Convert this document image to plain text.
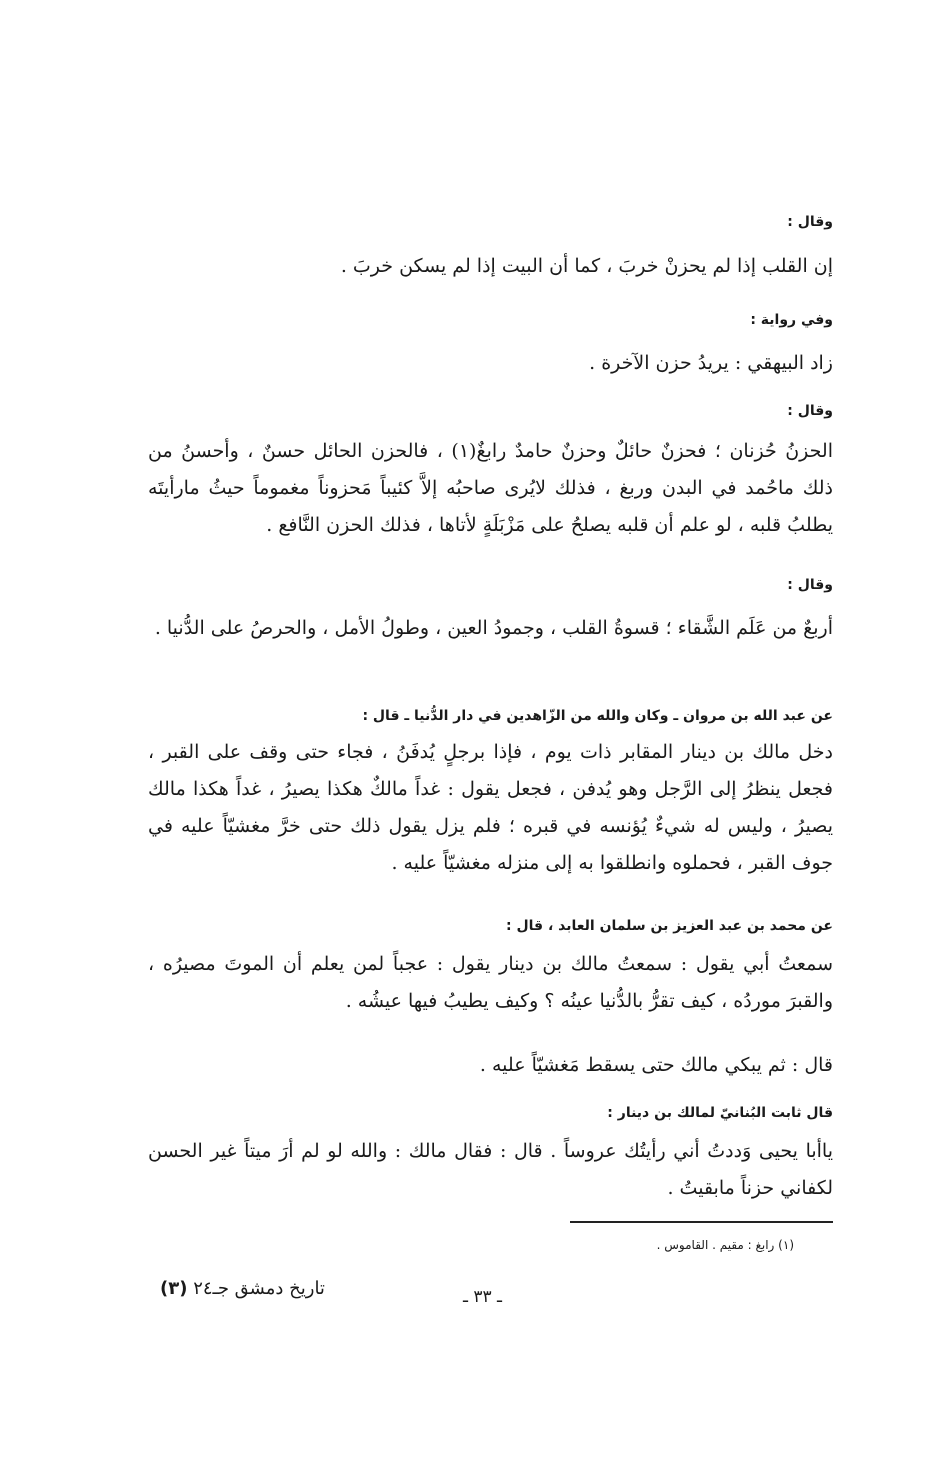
وقال :
إن القلب إذا لم يحزنْ خربَ ، كما أن البيت إذا لم يسكن خربَ .
وفي رواية :
زاد البيهقي : يريدُ حزن الآخرة .
وقال :
الحزنُ حُزنان ؛ فحزنٌ حائلٌ وحزنٌ حامدٌ رابغٌ(١) ، فالحزن الحائل حسنٌ ، وأحسنُ من ذلك ماحُمد في البدن وربغ ، فذلك لايُرى صاحبُه إلاَّ كئيباً مَحزوناً مغموماً حيثُ مارأيتَه يطلبُ قلبه ، لو علم أن قلبه يصلحُ على مَزْبَلَةٍ لأتاها ، فذلك الحزن النَّافع .
وقال :
أربعٌ من عَلَم الشَّقاء ؛ قسوةُ القلب ، وجمودُ العين ، وطولُ الأمل ، والحرصُ على الدُّنيا .
عن عبد الله بن مروان ـ وكان والله من الزّاهدين في دار الدُّنيا ـ قال :
دخل مالك بن دينار المقابر ذات يوم ، فإذا برجلٍ يُدفَنُ ، فجاء حتى وقف على القبر ، فجعل ينظرُ إلى الرَّجل وهو يُدفن ، فجعل يقول : غداً مالكٌ هكذا يصيرُ ، غداً هكذا مالك يصيرُ ، وليس له شيءٌ يُؤنسه في قبره ؛ فلم يزل يقول ذلك حتى خرَّ مغشيّاً عليه في جوف القبر ، فحملوه وانطلقوا به إلى منزله مغشيّاً عليه .
عن محمد بن عبد العزيز بن سلمان العابد ، قال :
سمعتُ أبي يقول : سمعتُ مالك بن دينار يقول : عجباً لمن يعلم أن الموتَ مصيرُه ، والقبرَ موردُه ، كيف تقرُّ بالدُّنيا عينُه ؟ وكيف يطيبُ فيها عيشُه .
قال : ثم يبكي مالك حتى يسقط مَغشيّاً عليه .
قال ثابت البُنانيّ لمالك بن دينار :
ياأبا يحيى وَددتُ أني رأيتُك عروساً . قال : فقال مالك : والله لو لم أرَ ميتاً غير الحسن لكفاني حزناً مابقيتُ .
(١) رابغ : مقيم . القاموس .
تاريخ دمشق جـ٢٤ (٣)	ـ ٣٣ ـ
